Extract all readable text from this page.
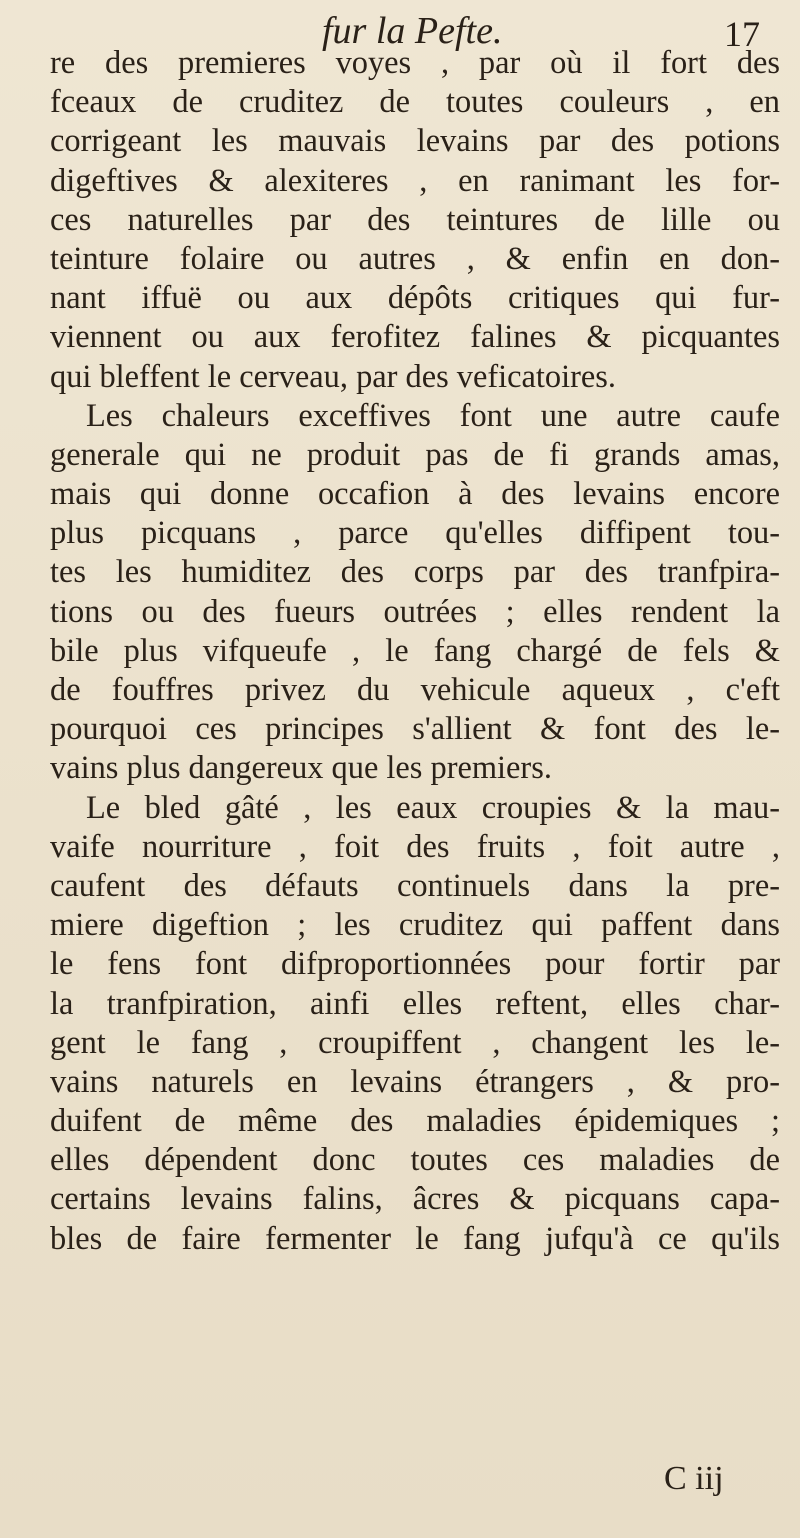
fur la Pefte.	17
re des premieres voyes , par où il fort des
fceaux de cruditez de toutes couleurs , en
corrigeant les mauvais levains par des potions
digeftives & alexiteres , en ranimant les for-
ces naturelles par des teintures de lille ou
teinture folaire ou autres , & enfin en don-
nant iffuë ou aux dépôts critiques qui fur-
viennent ou aux ferofitez falines & picquantes
qui bleffent le cerveau, par des veficatoires.
Les chaleurs exceffives font une autre caufe
generale qui ne produit pas de fi grands amas,
mais qui donne occafion à des levains encore
plus picquans , parce qu'elles diffipent tou-
tes les humiditez des corps par des tranfpira-
tions ou des fueurs outrées ; elles rendent la
bile plus vifqueufe , le fang chargé de fels &
de fouffres privez du vehicule aqueux , c'eft
pourquoi ces principes s'allient & font des le-
vains plus dangereux que les premiers.
Le bled gâté , les eaux croupies & la mau-
vaife nourriture , foit des fruits , foit autre ,
caufent des défauts continuels dans la pre-
miere digeftion ; les cruditez qui paffent dans
le fens font difproportionnées pour fortir par
la tranfpiration, ainfi elles reftent, elles char-
gent le fang , croupiffent , changent les le-
vains naturels en levains étrangers , & pro-
duifent de même des maladies épidemiques ;
elles dépendent donc toutes ces maladies de
certains levains falins, âcres & picquans capa-
bles de faire fermenter le fang jufqu'à ce qu'ils
C iij
